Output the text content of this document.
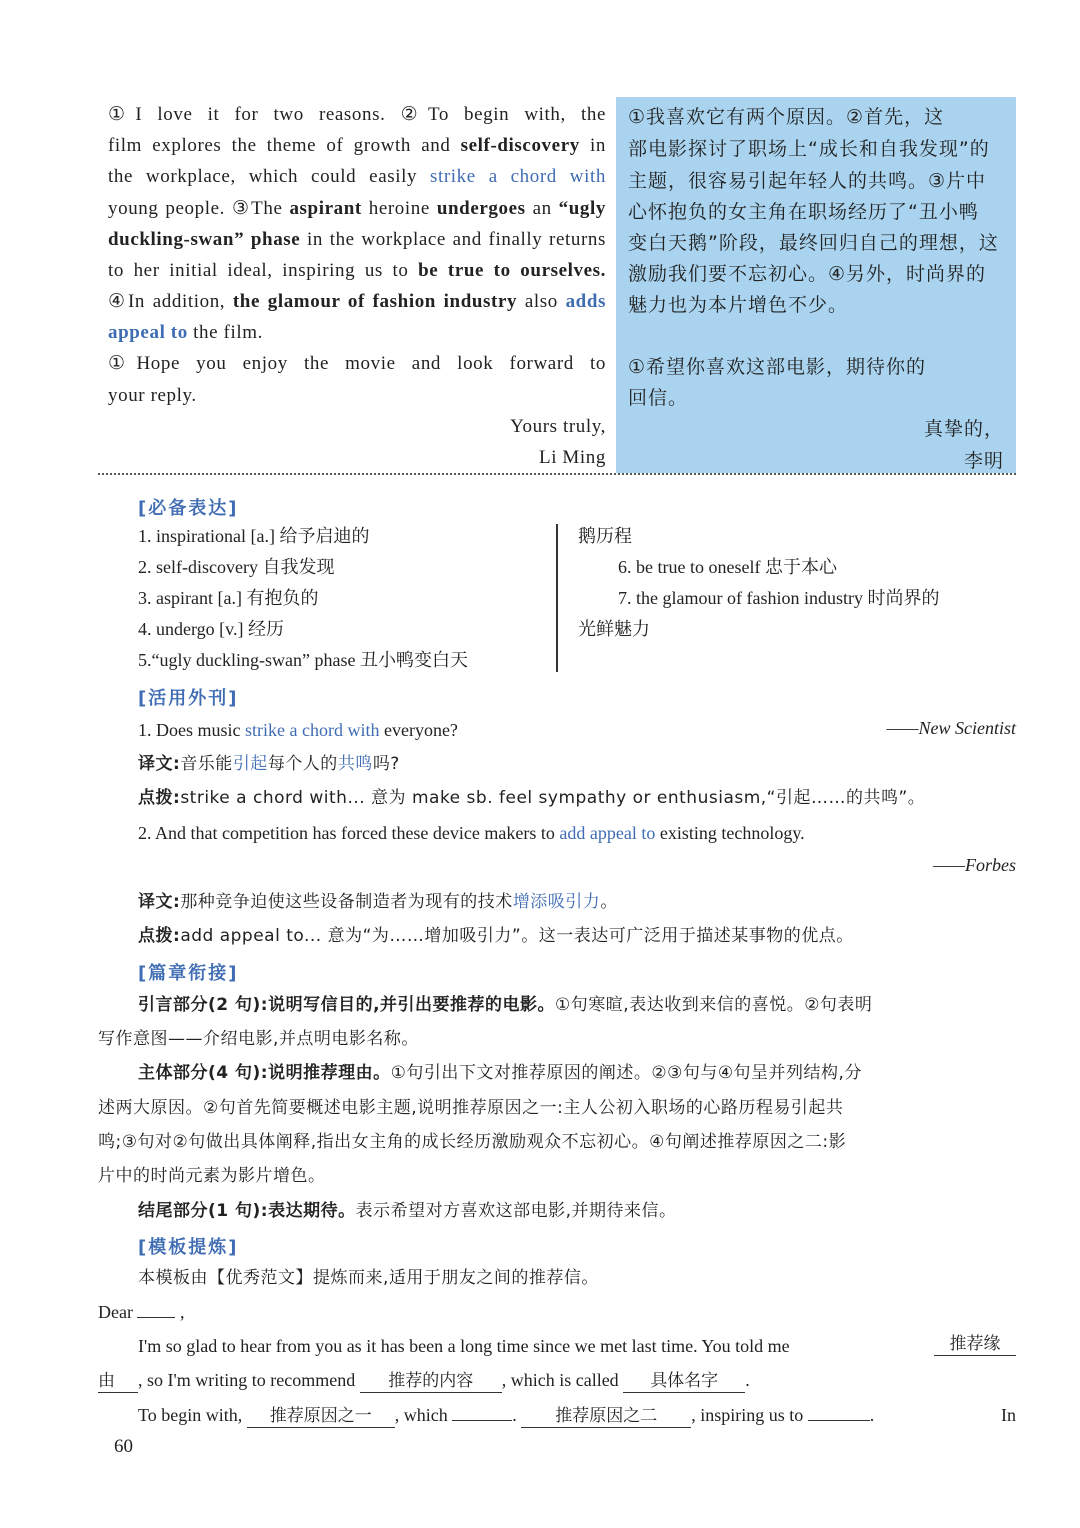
①I love it for two reasons. ②To begin with, the
film explores the theme of growth and self-discovery in
the workplace, which could easily strike a chord with
young people. ③The aspirant heroine undergoes an “ugly
duckling-swan” phase in the workplace and finally returns
to her initial ideal, inspiring us to be true to ourselves.
④In addition, the glamour of fashion industry also adds
appeal to the film.
①Hope you enjoy the movie and look forward to
your reply.
Yours truly,
Li Ming
①我喜欢它有两个原因。②首先，这
部电影探讨了职场上“成长和自我发现”的
主题，很容易引起年轻人的共鸣。③片中
心怀抱负的女主角在职场经历了“丑小鸭
变白天鹅”阶段，最终回归自己的理想，这
激励我们要不忘初心。④另外，时尚界的
魅力也为本片增色不少。
①希望你喜欢这部电影，期待你的
回信。
真挚的，
李明
[必备表达]
1. inspirational [a.] 给予启迪的
2. self-discovery 自我发现
3. aspirant [a.] 有抱负的
4. undergo [v.] 经历
5.“ugly duckling-swan” phase 丑小鸭变白天
鹅历程
6. be true to oneself 忠于本心
7. the glamour of fashion industry 时尚界的
光鲜魅力
[活用外刊]
1. Does music strike a chord with everyone?	——New Scientist
译文:音乐能引起每个人的共鸣吗?
点拨:strike a chord with... 意为 make sb. feel sympathy or enthusiasm,“引起……的共鸣”。
2. And that competition has forced these device makers to add appeal to existing technology.
——Forbes
译文:那种竞争迫使这些设备制造者为现有的技术增添吸引力。
点拨:add appeal to... 意为“为……增加吸引力”。这一表达可广泛用于描述某事物的优点。
[篇章衔接]
引言部分(2 句):说明写信目的,并引出要推荐的电影。①句寒暄,表达收到来信的喜悦。②句表明
写作意图——介绍电影,并点明电影名称。
主体部分(4 句):说明推荐理由。①句引出下文对推荐原因的阐述。②③句与④句呈并列结构,分
述两大原因。②句首先简要概述电影主题,说明推荐原因之一:主人公初入职场的心路历程易引起共
鸣;③句对②句做出具体阐释,指出女主角的成长经历激励观众不忘初心。④句阐述推荐原因之二:影
片中的时尚元素为影片增色。
结尾部分(1 句):表达期待。表示希望对方喜欢这部电影,并期待来信。
[模板提炼]
本模板由【优秀范文】提炼而来,适用于朋友之间的推荐信。
Dear  ,
I'm so glad to hear from you as it has been a long time since we met last time. You told me	推荐缘
由 , so I'm writing to recommend 推荐的内容 , which is called 具体名字 .
To begin with, 推荐原因之一 , which	. 推荐原因之二 , inspiring us to	.	In
60
